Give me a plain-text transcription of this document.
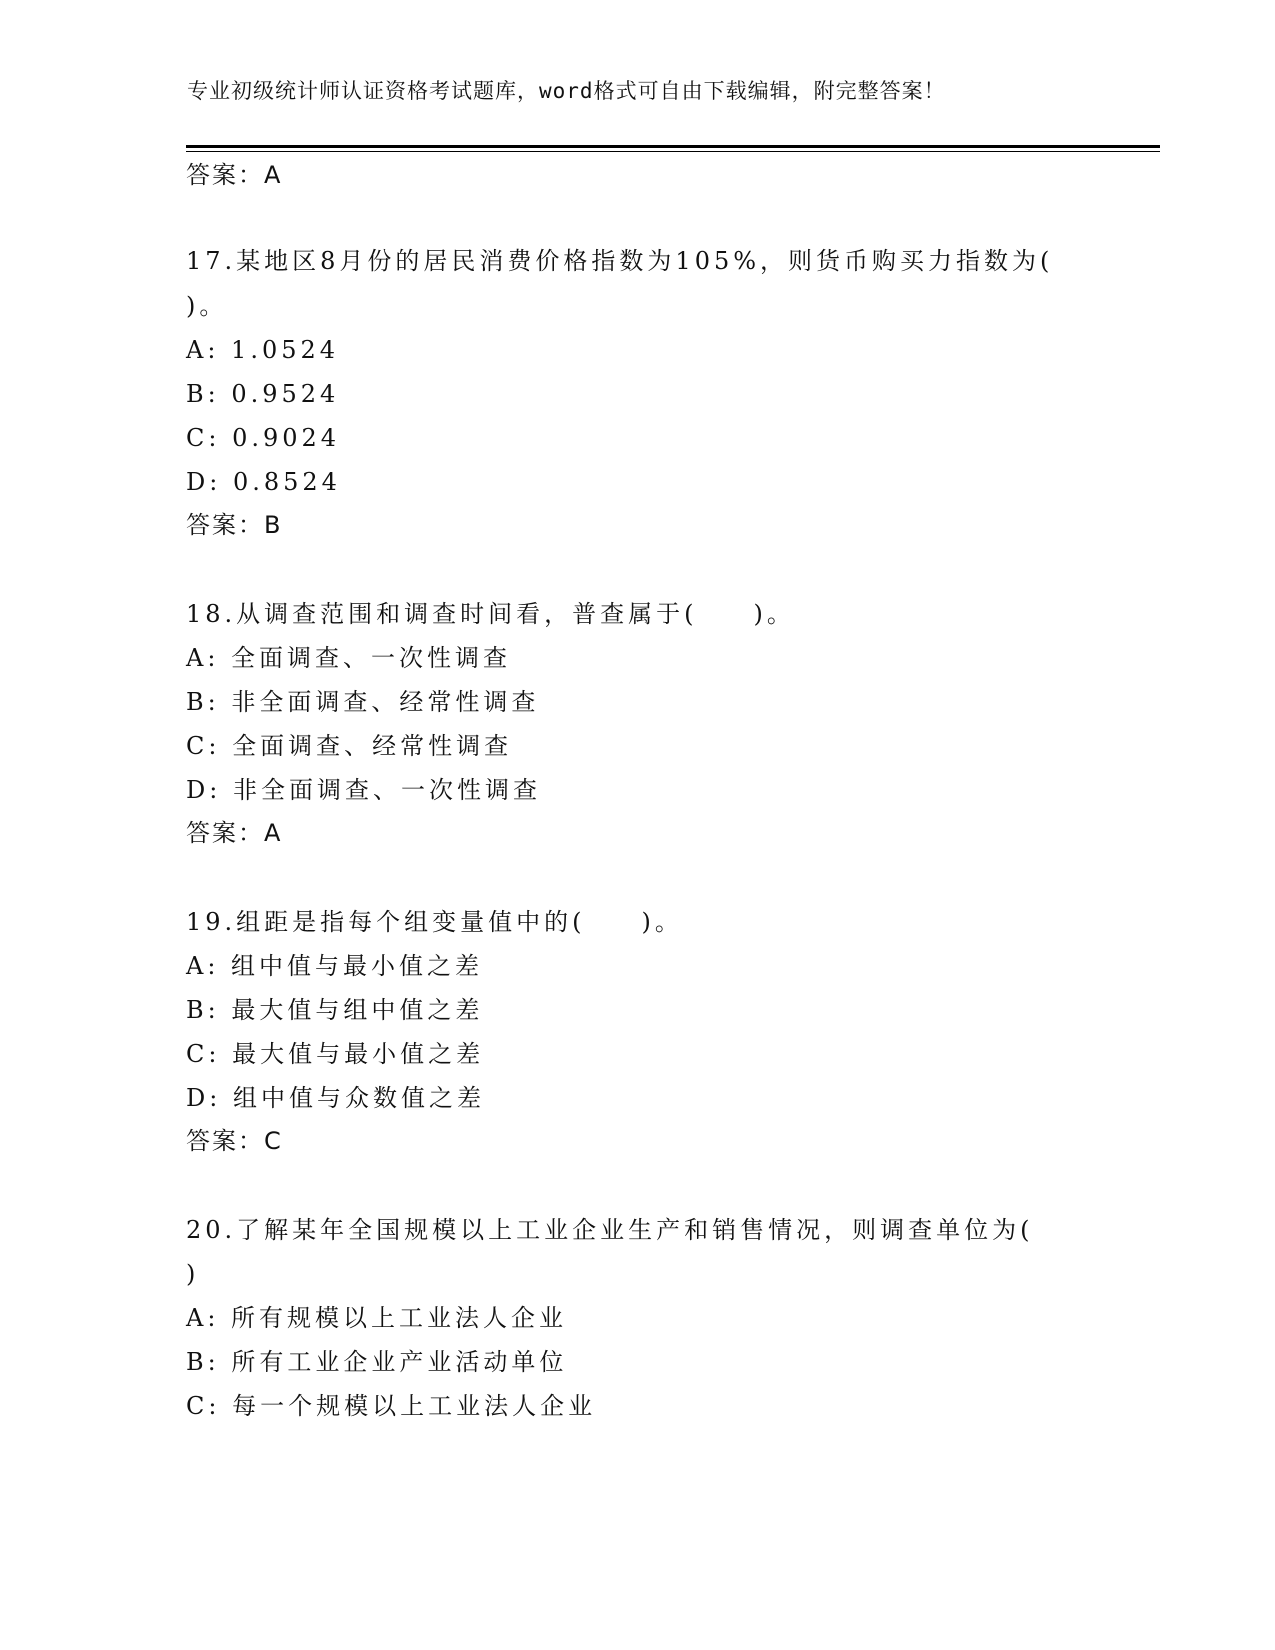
专业初级统计师认证资格考试题库，word格式可自由下载编辑，附完整答案！
答案：A
17.某地区8月份的居民消费价格指数为105%，则货币购买力指数为(
)。
A: 1.0524
B: 0.9524
C: 0.9024
D: 0.8524
答案：B
18.从调查范围和调查时间看，普查属于(　　)。
A: 全面调查、一次性调查
B: 非全面调查、经常性调查
C: 全面调查、经常性调查
D: 非全面调查、一次性调查
答案：A
19.组距是指每个组变量值中的(　　)。
A: 组中值与最小值之差
B: 最大值与组中值之差
C: 最大值与最小值之差
D: 组中值与众数值之差
答案：C
20.了解某年全国规模以上工业企业生产和销售情况，则调查单位为(
)
A: 所有规模以上工业法人企业
B: 所有工业企业产业活动单位
C: 每一个规模以上工业法人企业
